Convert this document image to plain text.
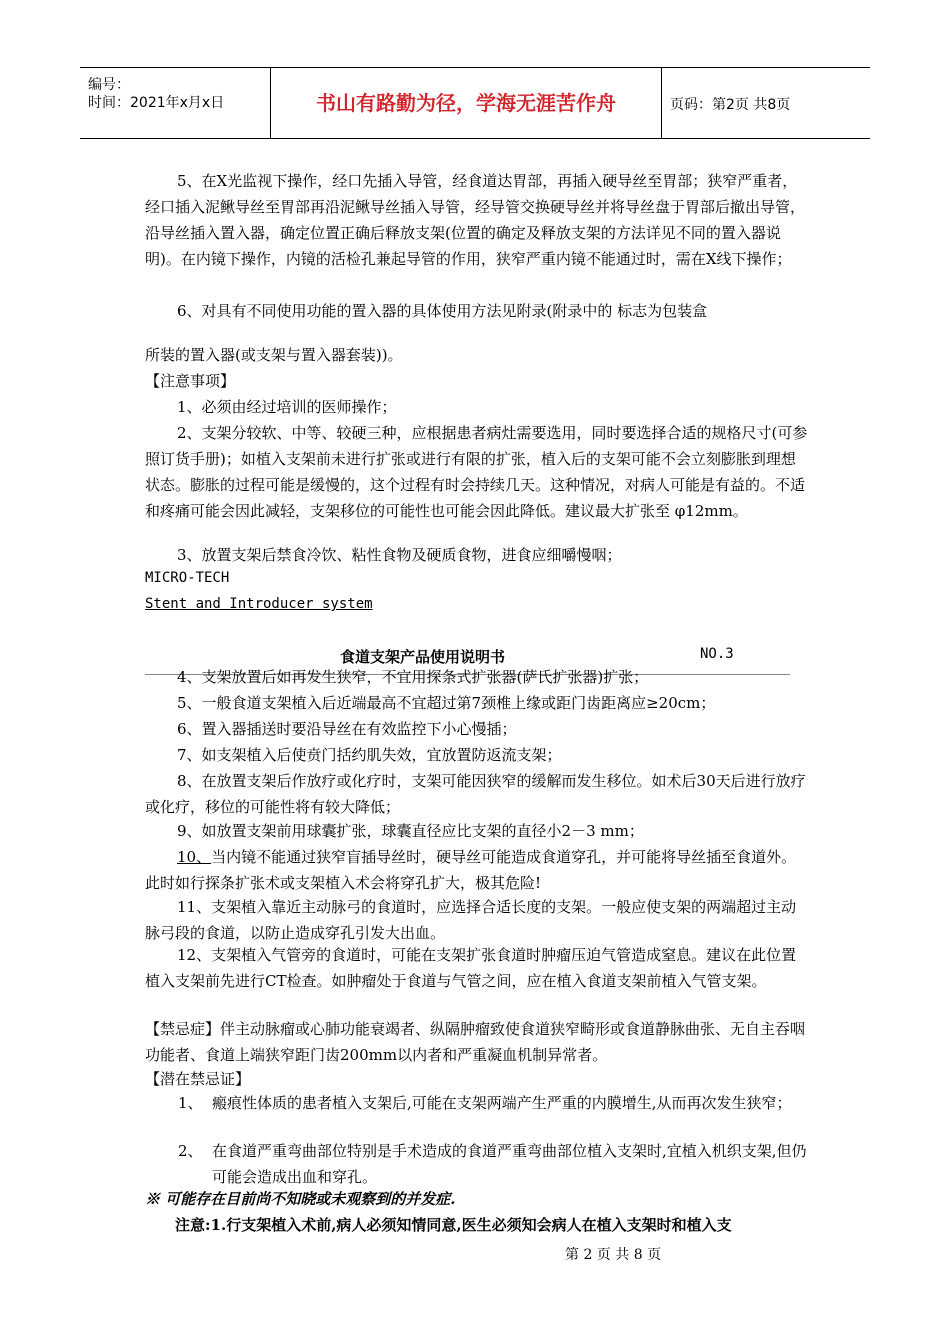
编号：
时间：2021年x月x日	书山有路勤为径，学海无涯苦作舟	页码：第2页 共8页

5、在X光监视下操作，经口先插入导管，经食道达胃部，再插入硬导丝至胃部；狭窄严重者，经口插入泥鳅导丝至胃部再沿泥鳅导丝插入导管，经导管交换硬导丝并将导丝盘于胃部后撤出导管，沿导丝插入置入器，确定位置正确后释放支架(位置的确定及释放支架的方法详见不同的置入器说明)。在内镜下操作，内镜的活检孔兼起导管的作用，狭窄严重内镜不能通过时，需在X线下操作；

6、对具有不同使用功能的置入器的具体使用方法见附录(附录中的 标志为包装盒

所装的置入器(或支架与置入器套装))。

【注意事项】

1、必须由经过培训的医师操作；

2、支架分较软、中等、较硬三种，应根据患者病灶需要选用，同时要选择合适的规格尺寸(可参照订货手册)；如植入支架前未进行扩张或进行有限的扩张，植入后的支架可能不会立刻膨胀到理想状态。膨胀的过程可能是缓慢的，这个过程有时会持续几天。这种情况，对病人可能是有益的。不适和疼痛可能会因此减轻，支架移位的可能性也可能会因此降低。建议最大扩张至 φ12mm。

3、放置支架后禁食冷饮、粘性食物及硬质食物，进食应细嚼慢咽；

MICRO-TECH
Stent and Introducer system
食道支架产品使用说明书	NO.3

4、支架放置后如再发生狭窄，不宜用探条式扩张器(萨氏扩张器)扩张；

5、一般食道支架植入后近端最高不宜超过第7颈椎上缘或距门齿距离应≥20cm；

6、置入器插送时要沿导丝在有效监控下小心慢插；

7、如支架植入后使贲门括约肌失效，宜放置防返流支架；

8、在放置支架后作放疗或化疗时，支架可能因狭窄的缓解而发生移位。如术后30天后进行放疗或化疗，移位的可能性将有较大降低；

9、如放置支架前用球囊扩张，球囊直径应比支架的直径小2－3 mm；

10、当内镜不能通过狭窄盲插导丝时，硬导丝可能造成食道穿孔，并可能将导丝插至食道外。此时如行探条扩张术或支架植入术会将穿孔扩大，极其危险!

11、支架植入靠近主动脉弓的食道时，应选择合适长度的支架。一般应使支架的两端超过主动脉弓段的食道，以防止造成穿孔引发大出血。

12、支架植入气管旁的食道时，可能在支架扩张食道时肿瘤压迫气管造成窒息。建议在此位置植入支架前先进行CT检查。如肿瘤处于食道与气管之间，应在植入食道支架前植入气管支架。

【禁忌症】伴主动脉瘤或心肺功能衰竭者、纵隔肿瘤致使食道狭窄畸形或食道静脉曲张、无自主吞咽功能者、食道上端狭窄距门齿200mm以内者和严重凝血机制异常者。

【潜在禁忌证】

1、 瘢痕性体质的患者植入支架后,可能在支架两端产生严重的内膜增生,从而再次发生狭窄；
2、 在食道严重弯曲部位特别是手术造成的食道严重弯曲部位植入支架时,宜植入机织支架,但仍可能会造成出血和穿孔。
※ 可能存在目前尚不知晓或未观察到的并发症.
注意:1.行支架植入术前,病人必须知情同意,医生必须知会病人在植入支架时和植入支
第 2 页 共 8 页
